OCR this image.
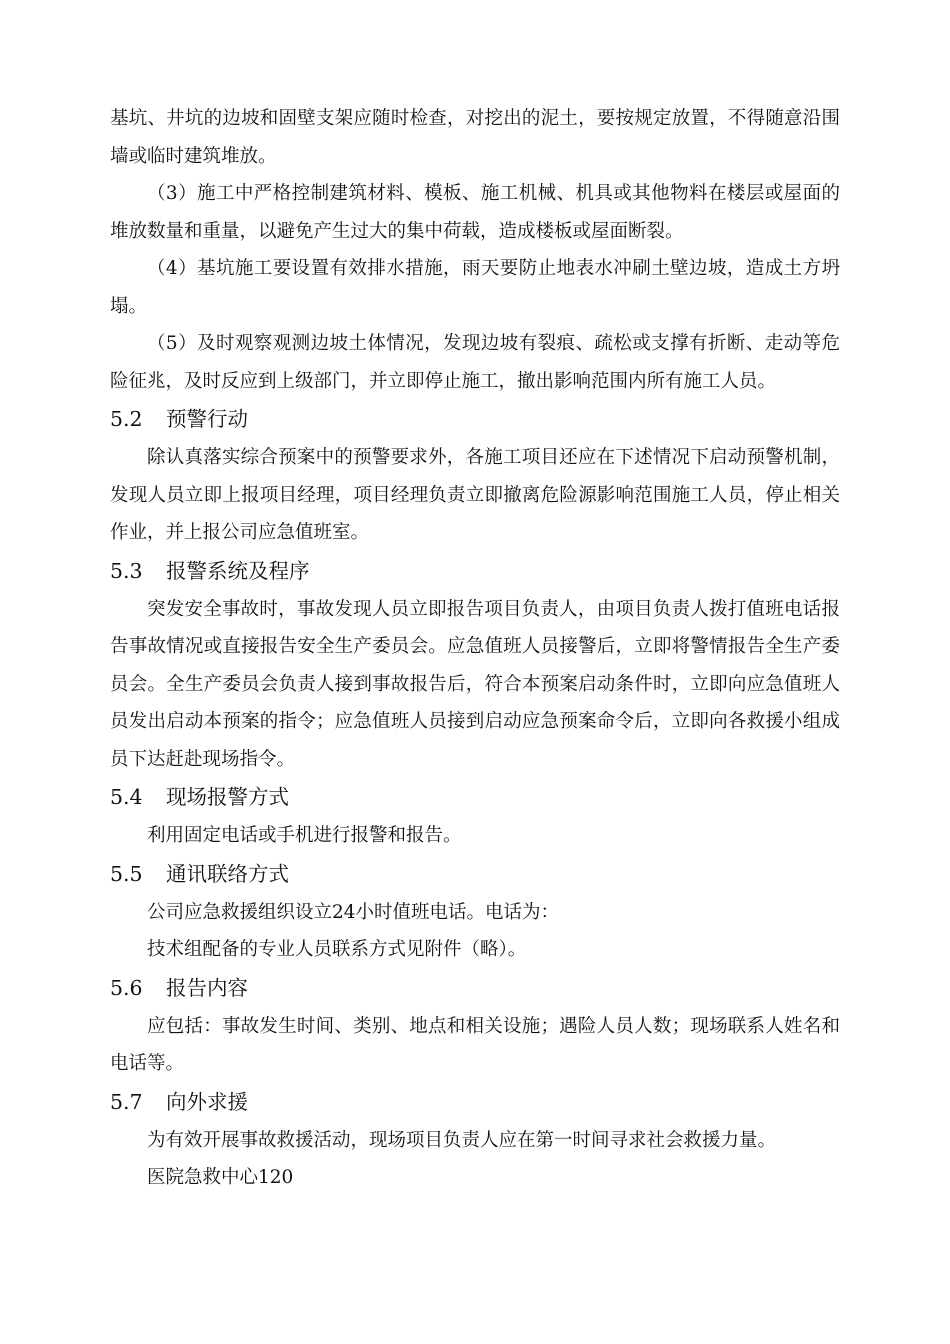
基坑、井坑的边坡和固壁支架应随时检查，对挖出的泥土，要按规定放置，不得随意沿围墙或临时建筑堆放。

（3）施工中严格控制建筑材料、模板、施工机械、机具或其他物料在楼层或屋面的堆放数量和重量，以避免产生过大的集中荷载，造成楼板或屋面断裂。

（4）基坑施工要设置有效排水措施，雨天要防止地表水冲刷土壁边坡，造成土方坍塌。

（5）及时观察观测边坡土体情况，发现边坡有裂痕、疏松或支撑有折断、走动等危险征兆，及时反应到上级部门，并立即停止施工，撤出影响范围内所有施工人员。

5.2	预警行动

除认真落实综合预案中的预警要求外，各施工项目还应在下述情况下启动预警机制，发现人员立即上报项目经理，项目经理负责立即撤离危险源影响范围施工人员，停止相关作业，并上报公司应急值班室。

5.3	报警系统及程序

突发安全事故时，事故发现人员立即报告项目负责人，由项目负责人拨打值班电话报告事故情况或直接报告安全生产委员会。应急值班人员接警后，立即将警情报告全生产委员会。全生产委员会负责人接到事故报告后，符合本预案启动条件时，立即向应急值班人员发出启动本预案的指令；应急值班人员接到启动应急预案命令后，立即向各救援小组成员下达赶赴现场指令。

5.4	现场报警方式

利用固定电话或手机进行报警和报告。

5.5	通讯联络方式

公司应急救援组织设立24小时值班电话。电话为：

技术组配备的专业人员联系方式见附件（略）。

5.6	报告内容

应包括：事故发生时间、类别、地点和相关设施；遇险人员人数；现场联系人姓名和电话等。

5.7	向外求援

为有效开展事故救援活动，现场项目负责人应在第一时间寻求社会救援力量。

医院急救中心120
